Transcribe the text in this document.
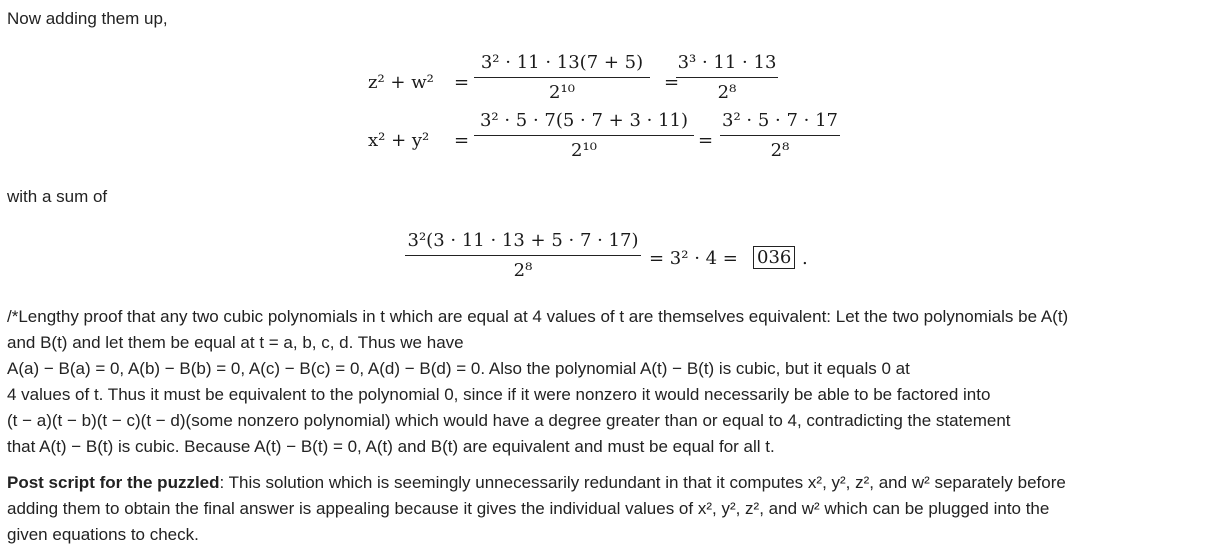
Now adding them up,
z² + w² =
3² · 11 · 13(7 + 5)
2¹⁰	=
3³ · 11 · 13
2⁸
x² + y² =
3² · 5 · 7(5 · 7 + 3 · 11)
2¹⁰	=
3² · 5 · 7 · 17
2⁸
with a sum of
3²(3 · 11 · 13 + 5 · 7 · 17)
2⁸
= 3² · 4 = 036 .
/*Lengthy proof that any two cubic polynomials in t which are equal at 4 values of t are themselves equivalent: Let the two polynomials be A(t)
and B(t) and let them be equal at t = a, b, c, d. Thus we have
A(a) − B(a) = 0, A(b) − B(b) = 0, A(c) − B(c) = 0, A(d) − B(d) = 0. Also the polynomial A(t) − B(t) is cubic, but it equals 0 at
4 values of t. Thus it must be equivalent to the polynomial 0, since if it were nonzero it would necessarily be able to be factored into
(t − a)(t − b)(t − c)(t − d)(some nonzero polynomial) which would have a degree greater than or equal to 4, contradicting the statement
that A(t) − B(t) is cubic. Because A(t) − B(t) = 0, A(t) and B(t) are equivalent and must be equal for all t.
Post script for the puzzled: This solution which is seemingly unnecessarily redundant in that it computes x², y², z², and w² separately before
adding them to obtain the final answer is appealing because it gives the individual values of x², y², z², and w² which can be plugged into the
given equations to check.
